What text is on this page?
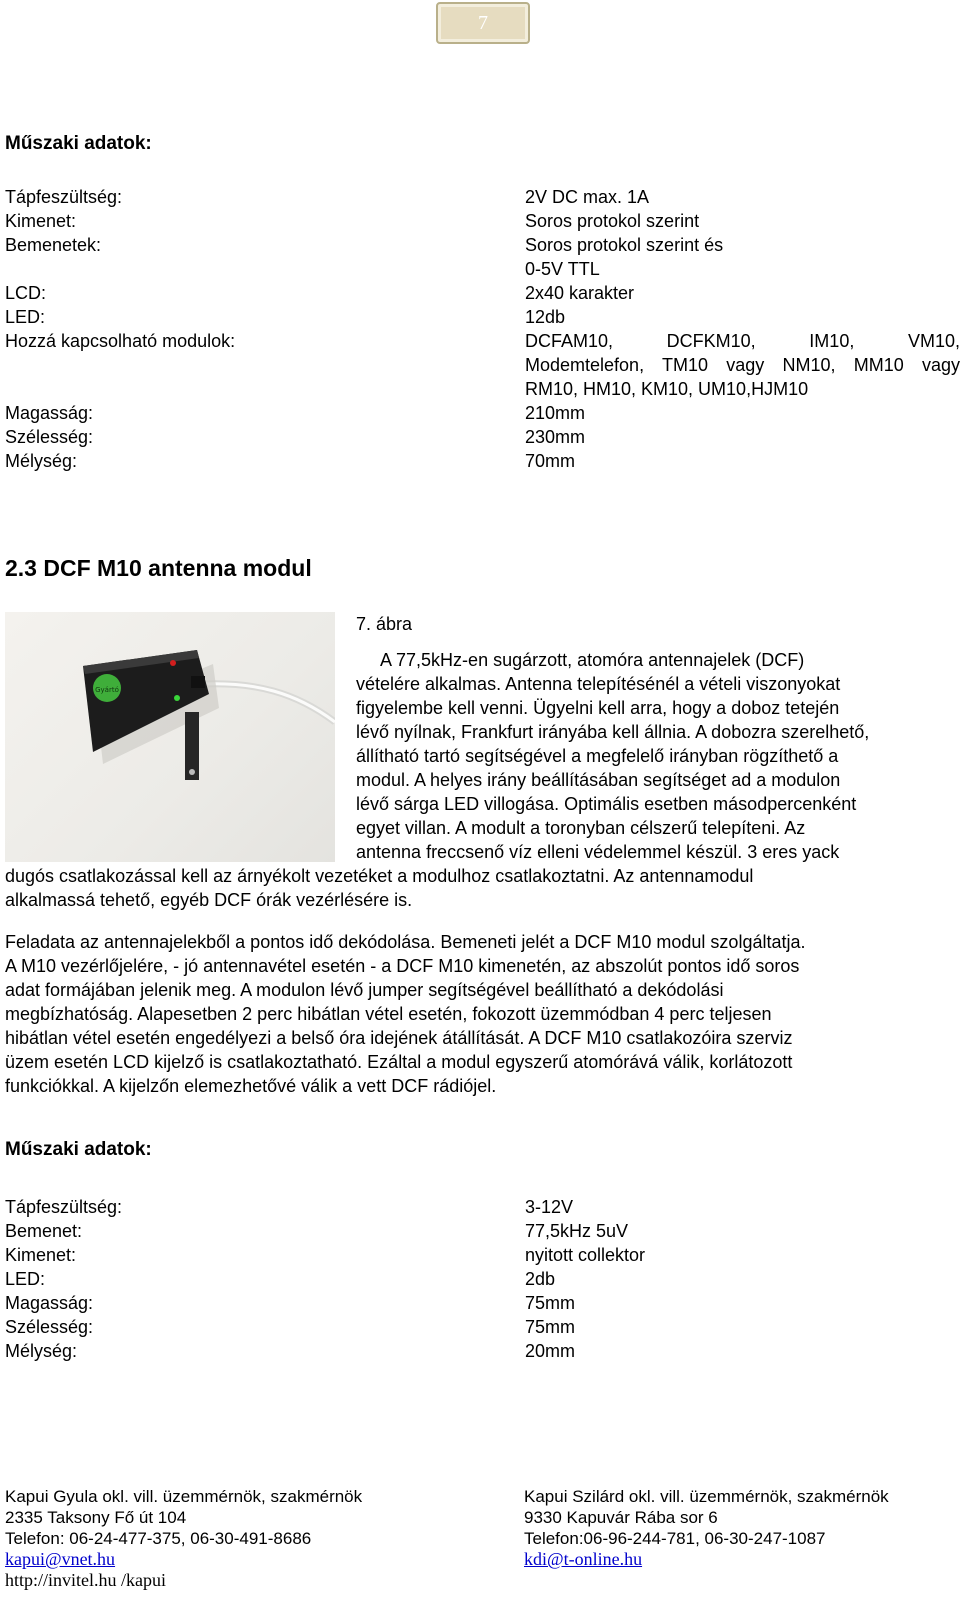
7
Műszaki adatok:
Tápfeszültség:	2V DC max. 1A
Kimenet:	Soros protokol szerint
Bemenetek:	Soros protokol szerint és
0-5V TTL
LCD:	2x40 karakter
LED:	12db
Hozzá kapcsolható modulok:	DCFAM10, DCFKM10, IM10, VM10,
Modemtelefon, TM10 vagy NM10, MM10 vagy
RM10, HM10, KM10, UM10,HJM10
Magasság:	210mm
Szélesség:	230mm
Mélység:	70mm
2.3 DCF M10 antenna modul
Gyártó
7. ábra

A 77,5kHz-en sugárzott, atomóra antennajelek (DCF)

vételére alkalmas. Antenna telepítésénél a vételi viszonyokat

figyelembe kell venni. Ügyelni kell arra, hogy a doboz tetején

lévő nyílnak, Frankfurt irányába kell állnia. A dobozra szerelhető,

állítható tartó segítségével a megfelelő irányban rögzíthető a

modul. A helyes irány beállításában segítséget ad a modulon

lévő sárga LED villogása. Optimális esetben másodpercenként

egyet villan. A modult a toronyban célszerű telepíteni. Az

antenna freccsenő víz elleni védelemmel készül. 3 eres yack

dugós csatlakozással kell az árnyékolt vezetéket a modulhoz csatlakoztatni. Az antennamodul

alkalmassá tehető, egyéb DCF órák vezérlésére is.

Feladata az antennajelekből a pontos idő dekódolása. Bemeneti jelét a DCF M10 modul szolgáltatja.

A M10 vezérlőjelére, - jó antennavétel esetén - a DCF M10 kimenetén, az abszolút pontos idő soros

adat formájában jelenik meg. A modulon lévő jumper segítségével beállítható a dekódolási

megbízhatóság. Alapesetben 2 perc hibátlan vétel esetén, fokozott üzemmódban 4 perc teljesen

hibátlan vétel esetén engedélyezi a belső óra idejének átállítását. A DCF M10 csatlakozóira szerviz

üzem esetén LCD kijelző is csatlakoztatható. Ezáltal a modul egyszerű atomórává válik, korlátozott

funkciókkal. A kijelzőn elemezhetővé válik a vett DCF rádiójel.

Műszaki adatok:
Tápfeszültség:	3-12V
Bemenet:	77,5kHz 5uV
Kimenet:	nyitott collektor
LED:	2db
Magasság:	75mm
Szélesség:	75mm
Mélység:	20mm
Kapui Gyula okl. vill. üzemmérnök, szakmérnök
2335 Taksony Fő út 104
Telefon: 06-24-477-375, 06-30-491-8686
kapui@vnet.hu
http://invitel.hu /kapui
Kapui Szilárd okl. vill. üzemmérnök, szakmérnök
9330 Kapuvár Rába sor 6
Telefon:06-96-244-781, 06-30-247-1087
kdi@t-online.hu
